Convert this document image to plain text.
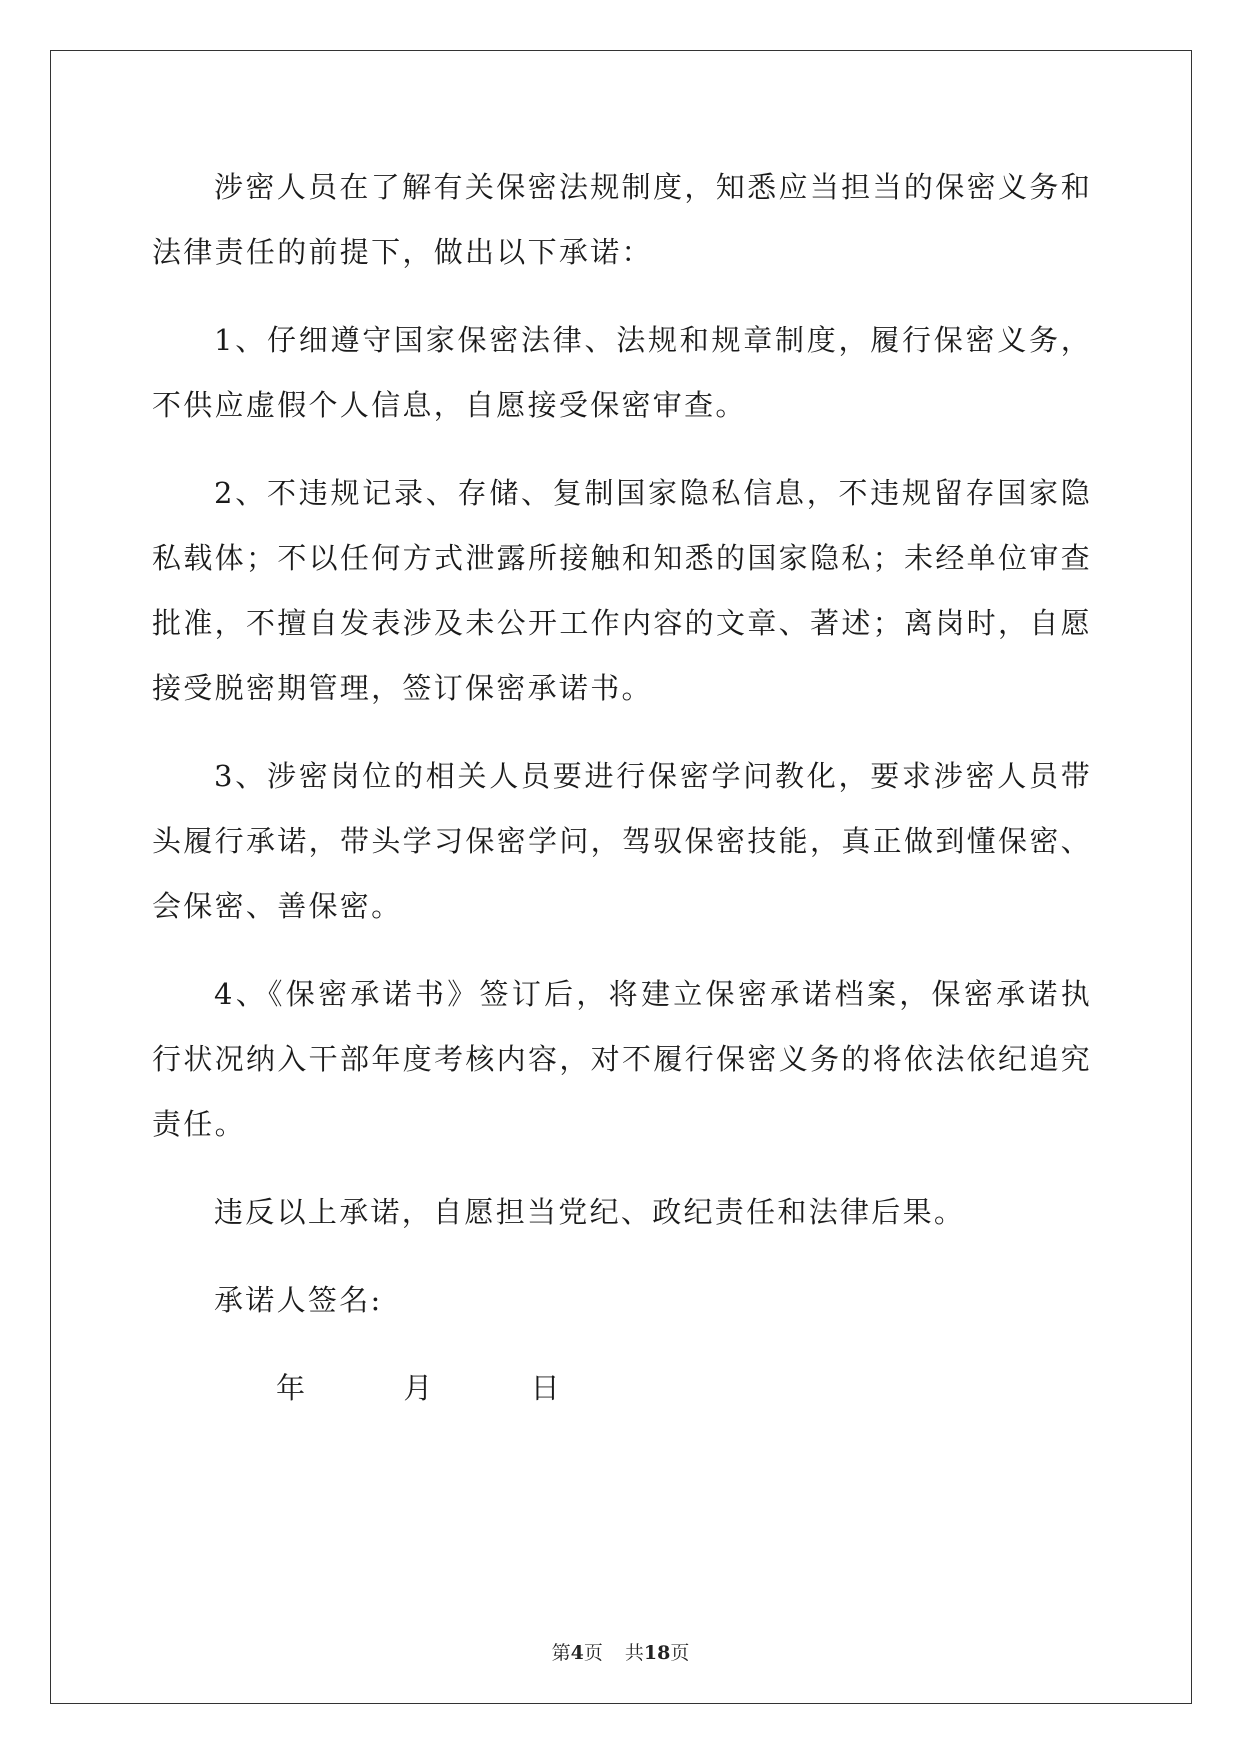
涉密人员在了解有关保密法规制度，知悉应当担当的保密义务和法律责任的前提下，做出以下承诺：

1、仔细遵守国家保密法律、法规和规章制度，履行保密义务，不供应虚假个人信息，自愿接受保密审查。

2、不违规记录、存储、复制国家隐私信息，不违规留存国家隐私载体；不以任何方式泄露所接触和知悉的国家隐私；未经单位审查批准，不擅自发表涉及未公开工作内容的文章、著述；离岗时，自愿接受脱密期管理，签订保密承诺书。

3、涉密岗位的相关人员要进行保密学问教化，要求涉密人员带头履行承诺，带头学习保密学问，驾驭保密技能，真正做到懂保密、会保密、善保密。

4、《保密承诺书》签订后，将建立保密承诺档案，保密承诺执行状况纳入干部年度考核内容，对不履行保密义务的将依法依纪追究责任。

违反以上承诺，自愿担当党纪、政纪责任和法律后果。

承诺人签名:

年	月	日

第4页 共18页
